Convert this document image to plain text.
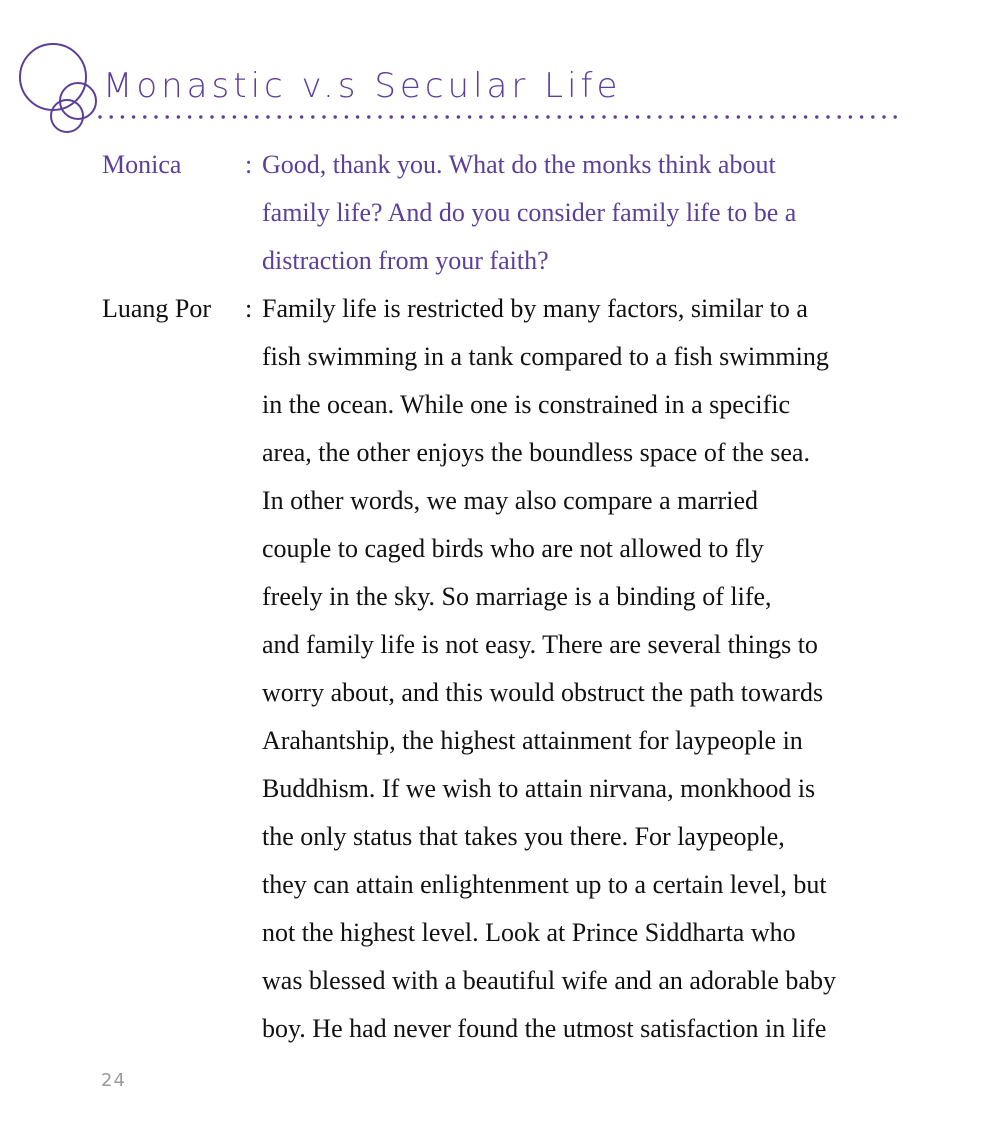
Monastic v.s Secular Life
Monica	: Good, thank you. What do the monks think about
family life? And do you consider family life to be a
distraction from your faith?
Luang Por	: Family life is restricted by many factors, similar to a
fish swimming in a tank compared to a fish swimming
in the ocean. While one is constrained in a specific
area, the other enjoys the boundless space of the sea.
In other words, we may also compare a married
couple to caged birds who are not allowed to fly
freely in the sky. So marriage is a binding of life,
and family life is not easy. There are several things to
worry about, and this would obstruct the path towards
Arahantship, the highest attainment for laypeople in
Buddhism. If we wish to attain nirvana, monkhood is
the only status that takes you there. For laypeople,
they can attain enlightenment up to a certain level, but
not the highest level. Look at Prince Siddharta who
was blessed with a beautiful wife and an adorable baby
boy. He had never found the utmost satisfaction in life
24
